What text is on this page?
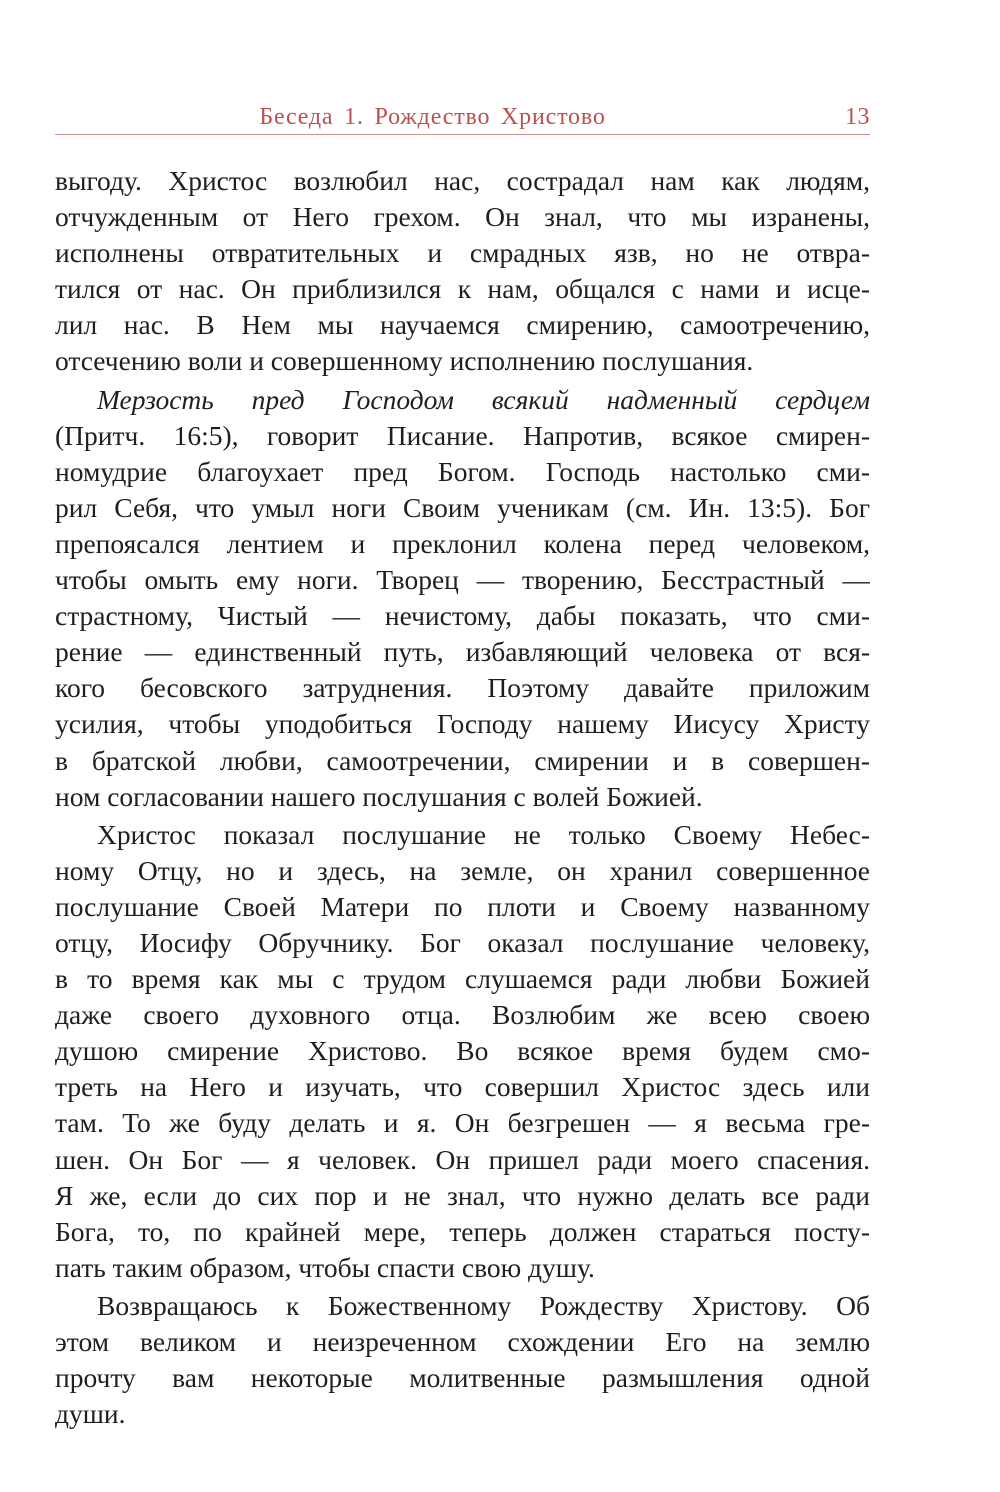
Беседа 1. Рождество Христово	13
выгоду. Христос возлюбил нас, сострадал нам как людям,
отчужденным от Него грехом. Он знал, что мы изранены,
исполнены отвратительных и смрадных язв, но не отвра-
тился от нас. Он приблизился к нам, общался с нами и исце-
лил нас. В Нем мы научаемся смирению, самоотречению,
отсечению воли и совершенному исполнению послушания.
Мерзость пред Господом всякий надменный сердцем
(Притч. 16:5), говорит Писание. Напротив, всякое смирен-
номудрие благоухает пред Богом. Господь настолько сми-
рил Себя, что умыл ноги Своим ученикам (см. Ин. 13:5). Бог
препоясался лентием и преклонил колена перед человеком,
чтобы омыть ему ноги. Творец — творению, Бесстрастный —
страстному, Чистый — нечистому, дабы показать, что сми-
рение — единственный путь, избавляющий человека от вся-
кого бесовского затруднения. Поэтому давайте приложим
усилия, чтобы уподобиться Господу нашему Иисусу Христу
в братской любви, самоотречении, смирении и в совершен-
ном согласовании нашего послушания с волей Божией.
Христос показал послушание не только Своему Небес-
ному Отцу, но и здесь, на земле, он хранил совершенное
послушание Своей Матери по плоти и Своему названному
отцу, Иосифу Обручнику. Бог оказал послушание человеку,
в то время как мы с трудом слушаемся ради любви Божией
даже своего духовного отца. Возлюбим же всею своею
душою смирение Христово. Во всякое время будем смо-
треть на Него и изучать, что совершил Христос здесь или
там. То же буду делать и я. Он безгрешен — я весьма гре-
шен. Он Бог — я человек. Он пришел ради моего спасения.
Я же, если до сих пор и не знал, что нужно делать все ради
Бога, то, по крайней мере, теперь должен стараться посту-
пать таким образом, чтобы спасти свою душу.
Возвращаюсь к Божественному Рождеству Христову. Об
этом великом и неизреченном схождении Его на землю
прочту вам некоторые молитвенные размышления одной
души.
